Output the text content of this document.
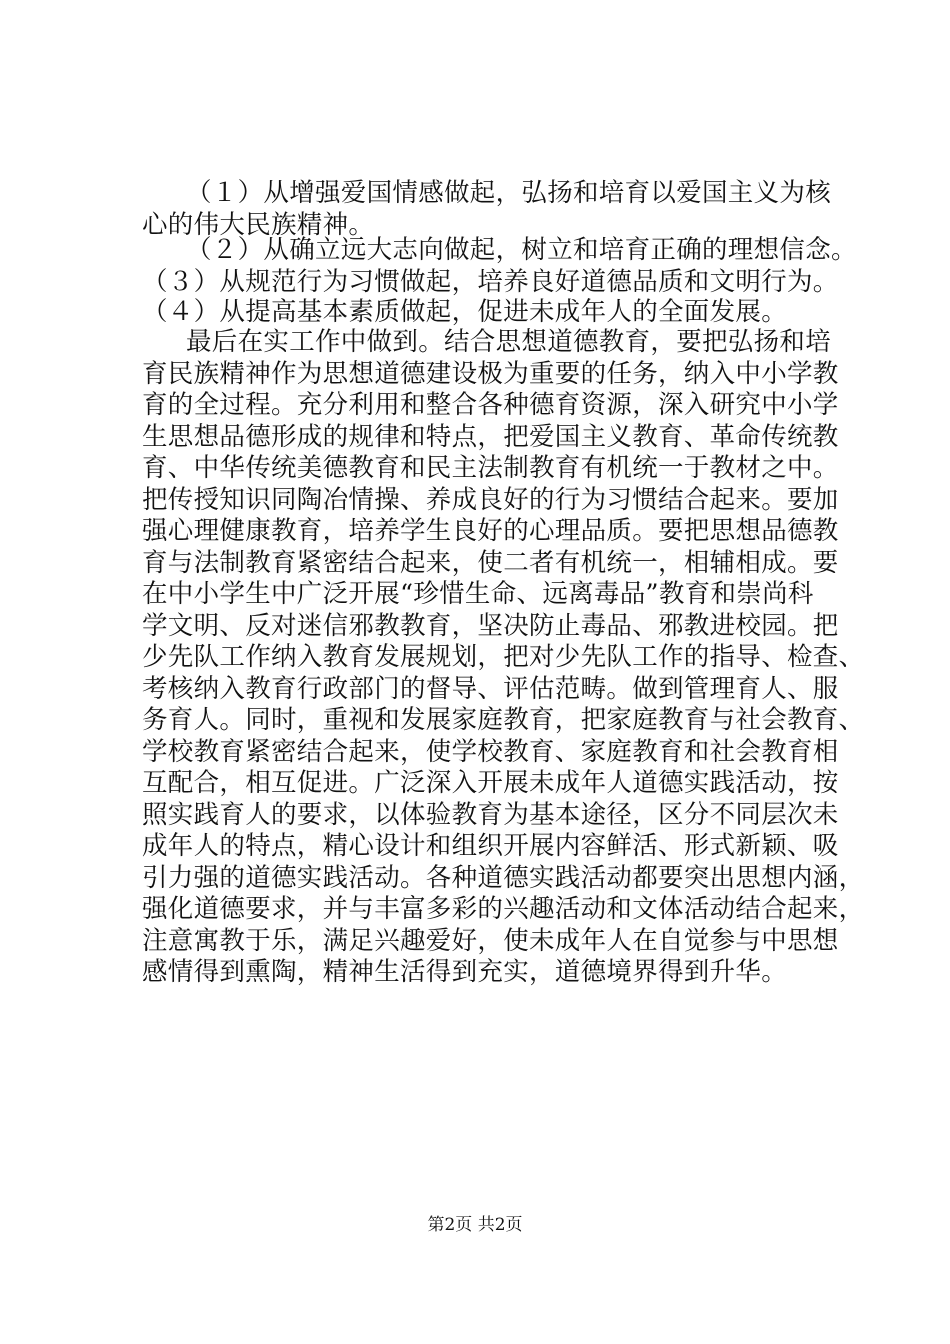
（１）从增强爱国情感做起，弘扬和培育以爱国主义为核
心的伟大民族精神。
（２）从确立远大志向做起，树立和培育正确的理想信念。
（３）从规范行为习惯做起，培养良好道德品质和文明行为。
（４）从提高基本素质做起，促进未成年人的全面发展。
最后在实工作中做到。结合思想道德教育，要把弘扬和培
育民族精神作为思想道德建设极为重要的任务，纳入中小学教
育的全过程。充分利用和整合各种德育资源，深入研究中小学
生思想品德形成的规律和特点，把爱国主义教育、革命传统教
育、中华传统美德教育和民主法制教育有机统一于教材之中。
把传授知识同陶冶情操、养成良好的行为习惯结合起来。要加
强心理健康教育，培养学生良好的心理品质。要把思想品德教
育与法制教育紧密结合起来，使二者有机统一，相辅相成。要
在中小学生中广泛开展“珍惜生命、远离毒品”教育和崇尚科
学文明、反对迷信邪教教育，坚决防止毒品、邪教进校园。把
少先队工作纳入教育发展规划，把对少先队工作的指导、检查、
考核纳入教育行政部门的督导、评估范畴。做到管理育人、服
务育人。同时，重视和发展家庭教育，把家庭教育与社会教育、
学校教育紧密结合起来，使学校教育、家庭教育和社会教育相
互配合，相互促进。广泛深入开展未成年人道德实践活动，按
照实践育人的要求，以体验教育为基本途径，区分不同层次未
成年人的特点，精心设计和组织开展内容鲜活、形式新颖、吸
引力强的道德实践活动。各种道德实践活动都要突出思想内涵，
强化道德要求，并与丰富多彩的兴趣活动和文体活动结合起来，
注意寓教于乐，满足兴趣爱好，使未成年人在自觉参与中思想
感情得到熏陶，精神生活得到充实，道德境界得到升华。
第2页 共2页
